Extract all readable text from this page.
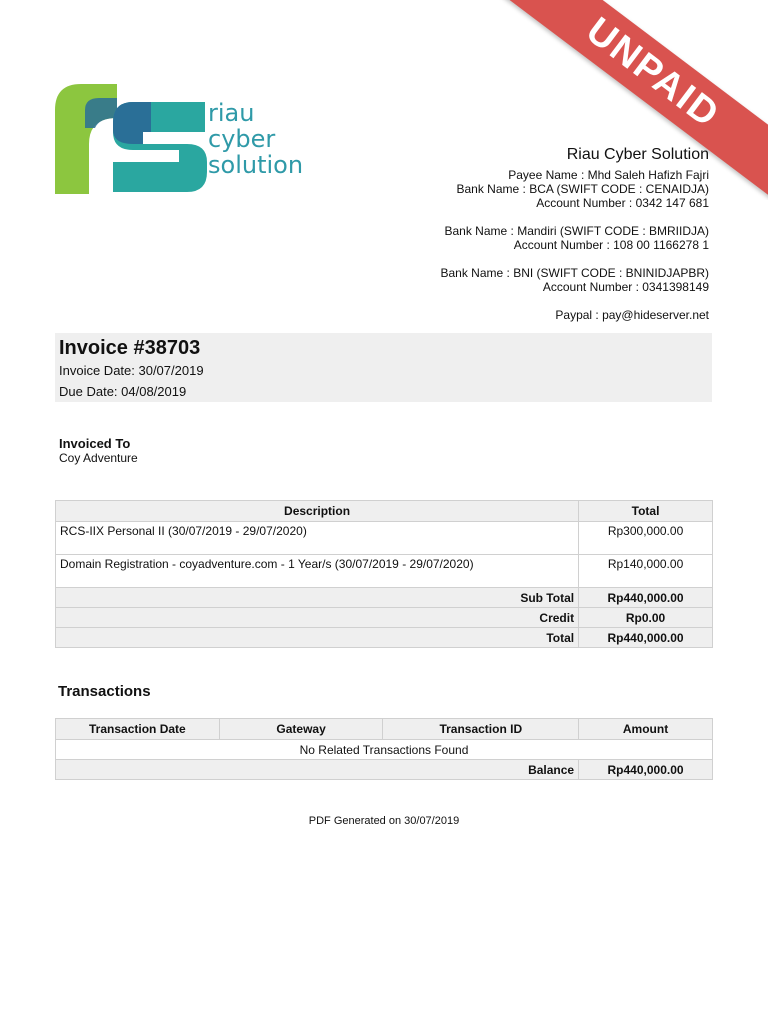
UNPAID
riau
cyber
solution	Riau Cyber Solution
Payee Name : Mhd Saleh Hafizh Fajri
Bank Name : BCA (SWIFT CODE : CENAIDJA)
Account Number : 0342 147 681
Bank Name : Mandiri (SWIFT CODE : BMRIIDJA)
Account Number : 108 00 1166278 1
Bank Name : BNI (SWIFT CODE : BNINIDJAPBR)
Account Number : 0341398149
Paypal : pay@hideserver.net
Invoice #38703
Invoice Date: 30/07/2019
Due Date: 04/08/2019
Invoiced To
Coy Adventure
Description	Total
RCS-IIX Personal II (30/07/2019 - 29/07/2020)	Rp300,000.00
Domain Registration - coyadventure.com - 1 Year/s (30/07/2019 - 29/07/2020)	Rp140,000.00
Sub Total	Rp440,000.00
Credit	Rp0.00
Total	Rp440,000.00
Transactions
Transaction Date	Gateway	Transaction ID	Amount
No Related Transactions Found			
Balance			Rp440,000.00
PDF Generated on 30/07/2019
